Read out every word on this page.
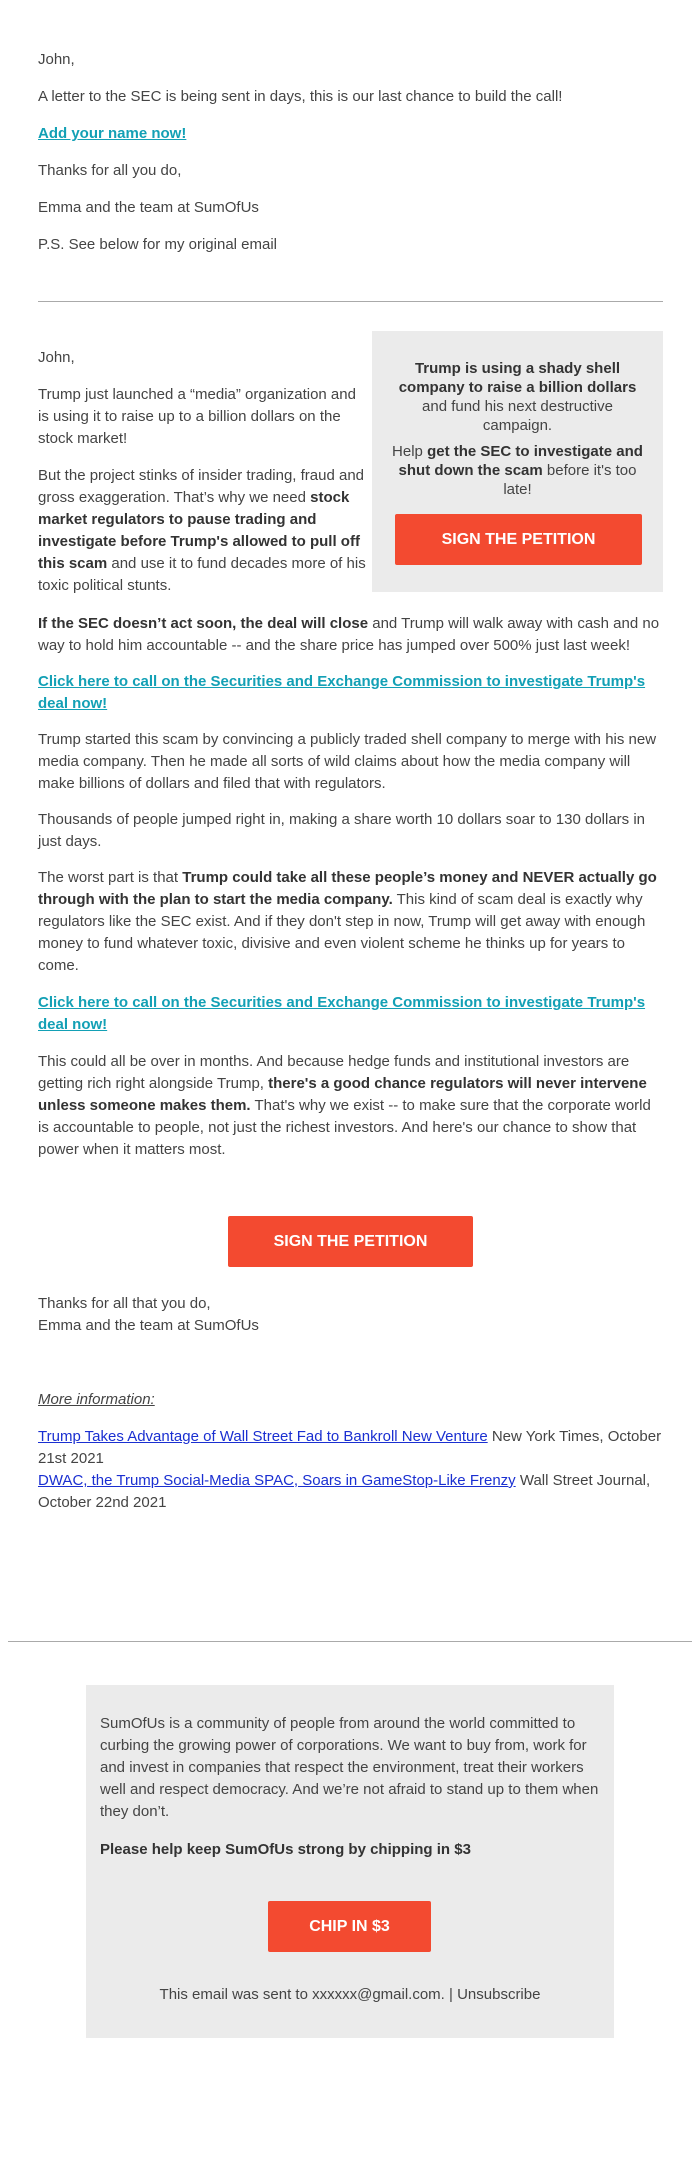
John,

A letter to the SEC is being sent in days, this is our last chance to build the call!

Add your name now!

Thanks for all you do,

Emma and the team at SumOfUs

P.S. See below for my original email

John,

Trump just launched a “media” organization and is using it to raise up to a billion dollars on the stock market!

But the project stinks of insider trading, fraud and gross exaggeration. That’s why we need stock market regulators to pause trading and investigate before Trump's allowed to pull off this scam and use it to fund decades more of his toxic political stunts.

Trump is using a shady shell company to raise a billion dollars and fund his next destructive campaign.
Help get the SEC to investigate and shut down the scam before it's too late!
SIGN THE PETITION

If the SEC doesn’t act soon, the deal will close and Trump will walk away with cash and no way to hold him accountable -- and the share price has jumped over 500% just last week!

Click here to call on the Securities and Exchange Commission to investigate Trump's deal now!

Trump started this scam by convincing a publicly traded shell company to merge with his new media company. Then he made all sorts of wild claims about how the media company will make billions of dollars and filed that with regulators.

Thousands of people jumped right in, making a share worth 10 dollars soar to 130 dollars in just days.

The worst part is that Trump could take all these people’s money and NEVER actually go through with the plan to start the media company. This kind of scam deal is exactly why regulators like the SEC exist. And if they don't step in now, Trump will get away with enough money to fund whatever toxic, divisive and even violent scheme he thinks up for years to come.

Click here to call on the Securities and Exchange Commission to investigate Trump's deal now!

This could all be over in months. And because hedge funds and institutional investors are getting rich right alongside Trump, there's a good chance regulators will never intervene unless someone makes them. That's why we exist -- to make sure that the corporate world is accountable to people, not just the richest investors. And here's our chance to show that power when it matters most.

SIGN THE PETITION

Thanks for all that you do,

Emma and the team at SumOfUs

More information:

Trump Takes Advantage of Wall Street Fad to Bankroll New Venture New York Times, October 21st 2021

DWAC, the Trump Social-Media SPAC, Soars in GameStop-Like Frenzy Wall Street Journal, October 22nd 2021

SumOfUs is a community of people from around the world committed to curbing the growing power of corporations. We want to buy from, work for and invest in companies that respect the environment, treat their workers well and respect democracy. And we’re not afraid to stand up to them when they don’t.

Please help keep SumOfUs strong by chipping in $3

CHIP IN $3

This email was sent to xxxxxx@gmail.com. | Unsubscribe
